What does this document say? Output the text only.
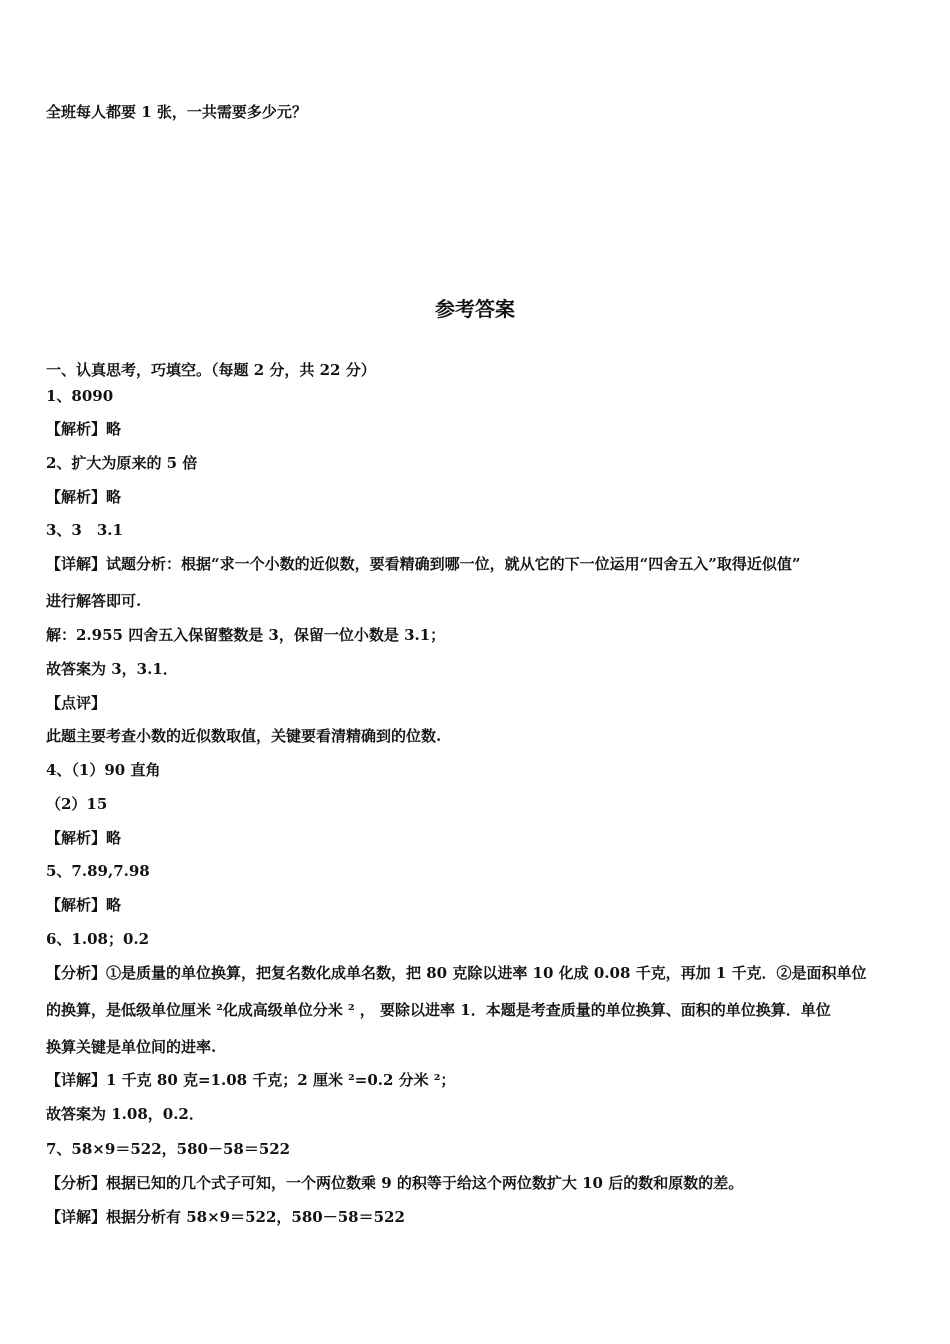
全班每人都要 1 张，一共需要多少元？
参考答案
一、认真思考，巧填空。（每题 2 分，共 22 分）
1、8090
【解析】略
2、扩大为原来的 5 倍
【解析】略
3、3　3.1
【详解】试题分析：根据“求一个小数的近似数，要看精确到哪一位，就从它的下一位运用“四舍五入”取得近似值”
进行解答即可.
解：2.955 四舍五入保留整数是 3，保留一位小数是 3.1；
故答案为 3，3.1．
【点评】
此题主要考查小数的近似数取值，关键要看清精确到的位数.
4、（1）90 直角
（2）15
【解析】略
5、7.89,7.98
【解析】略
6、1.08；0.2
【分析】①是质量的单位换算，把复名数化成单名数，把 80 克除以进率 10 化成 0.08 千克，再加 1 千克．②是面积单位
的换算，是低级单位厘米 ²化成高级单位分米 ² ， 要除以进率 1．本题是考查质量的单位换算、面积的单位换算．单位
换算关键是单位间的进率.
【详解】1 千克 80 克=1.08 千克；2 厘米 ²=0.2 分米 ²；
故答案为 1.08，0.2．
7、58×9＝522，580－58＝522
【分析】根据已知的几个式子可知，一个两位数乘 9 的积等于给这个两位数扩大 10 后的数和原数的差。
【详解】根据分析有 58×9＝522，580－58＝522
